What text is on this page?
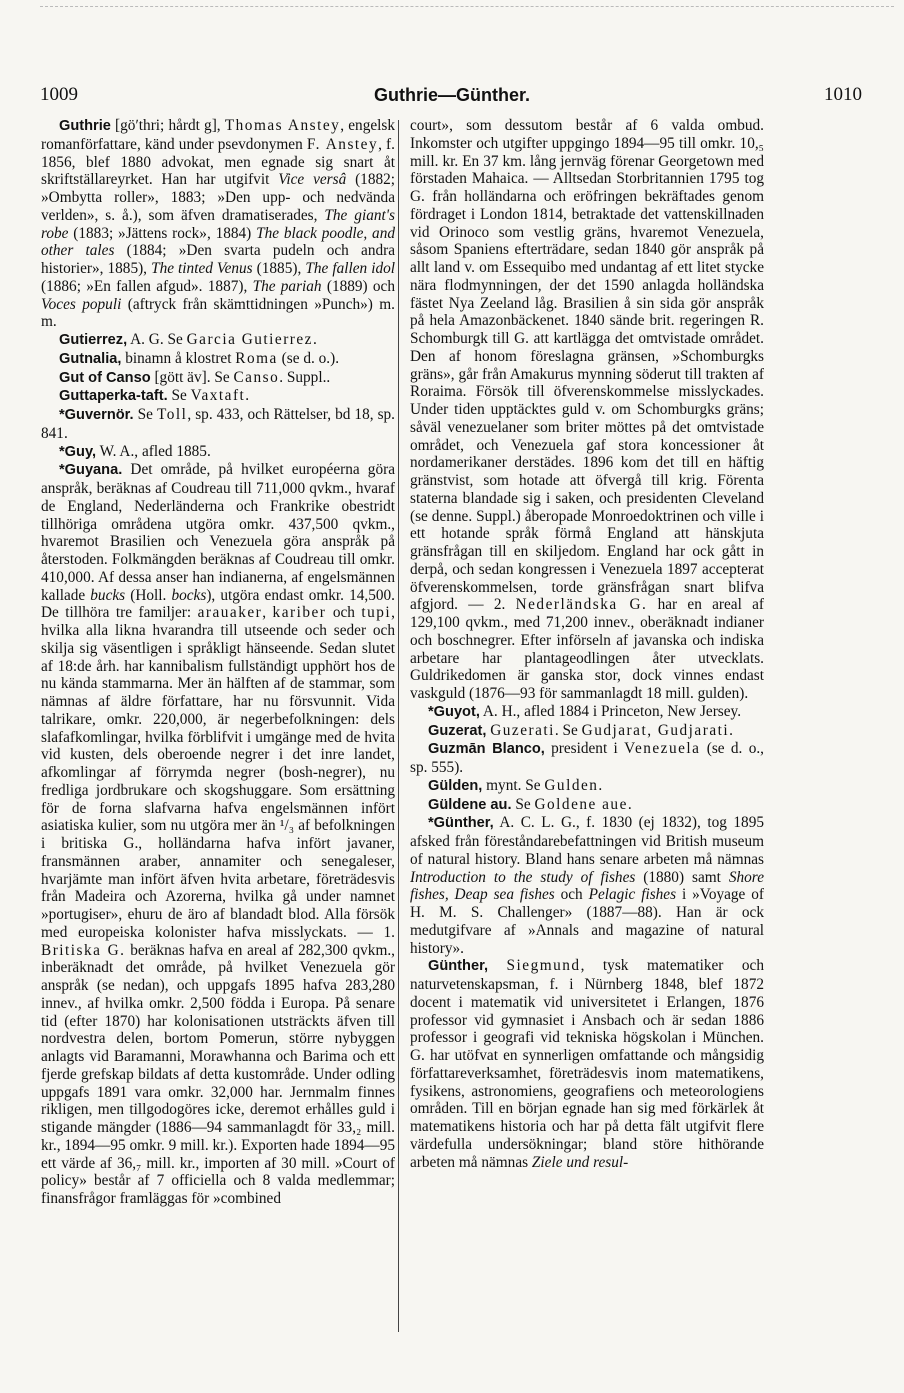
1009	Guthrie—Günther.	1010

Guthrie [göʹthri; hårdt g], Thomas Anstey, engelsk romanförfattare, känd under psevdonymen F. Anstey, f. 1856, blef 1880 advokat, men egnade sig snart åt skriftställareyrket. Han har utgifvit Vice versâ (1882; »Ombytta roller», 1883; »Den upp- och nedvända verlden», s. å.), som äfven dramatiserades, The giant's robe (1883; »Jättens rock», 1884) The black poodle, and other tales (1884; »Den svarta pudeln och andra historier», 1885), The tinted Venus (1885), The fallen idol (1886; »En fallen afgud». 1887), The pariah (1889) och Voces populi (aftryck från skämttidningen »Punch») m. m.

Gutierrez, A. G. Se Garcia Gutierrez.

Gutnalia, binamn å klostret Roma (se d. o.).

Gut of Canso [gött äv]. Se Canso. Suppl..

Guttaperka-taft. Se Vaxtaft.

*Guvernör. Se Toll, sp. 433, och Rättelser, bd 18, sp. 841.

*Guy, W. A., afled 1885.

*Guyana. Det område, på hvilket européerna göra anspråk, beräknas af Coudreau till 711,000 qvkm., hvaraf de England, Nederländerna och Frankrike obestridt tillhöriga områdena utgöra omkr. 437,500 qvkm., hvaremot Brasilien och Venezuela göra anspråk på återstoden. Folkmängden beräknas af Coudreau till omkr. 410,000. Af dessa anser han indianerna, af engelsmännen kallade bucks (Holl. bocks), utgöra endast omkr. 14,500. De tillhöra tre familjer: arauaker, kariber och tupi, hvilka alla likna hvarandra till utseende och seder och skilja sig väsentligen i språkligt hänseende. Sedan slutet af 18:de årh. har kannibalism fullständigt upphört hos de nu kända stammarna. Mer än hälften af de stammar, som nämnas af äldre författare, har nu försvunnit. Vida talrikare, omkr. 220,000, är negerbefolkningen: dels slafafkomlingar, hvilka förblifvit i umgänge med de hvita vid kusten, dels oberoende negrer i det inre landet, afkomlingar af förrymda negrer (bosh-negrer), nu fredliga jordbrukare och skogshuggare. Som ersättning för de forna slafvarna hafva engelsmännen infört asiatiska kulier, som nu utgöra mer än ¹/₃ af befolkningen i britiska G., holländarna hafva infört javaner, fransmännen araber, annamiter och senegaleser, hvarjämte man infört äfven hvita arbetare, företrädesvis från Madeira och Azorerna, hvilka gå under namnet »portugiser», ehuru de äro af blandadt blod. Alla försök med europeiska kolonister hafva misslyckats. — 1. Britiska G. beräknas hafva en areal af 282,300 qvkm., inberäknadt det område, på hvilket Venezuela gör anspråk (se nedan), och uppgafs 1895 hafva 283,280 innev., af hvilka omkr. 2,500 födda i Europa. På senare tid (efter 1870) har kolonisationen utsträckts äfven till nordvestra delen, bortom Pomerun, större nybyggen anlagts vid Baramanni, Morawhanna och Barima och ett fjerde grefskap bildats af detta kustområde. Under odling uppgafs 1891 vara omkr. 32,000 har. Jernmalm finnes rikligen, men tillgodogöres icke, deremot erhålles guld i stigande mängder (1886—94 sammanlagdt för 33,₂ mill. kr., 1894—95 omkr. 9 mill. kr.). Exporten hade 1894—95 ett värde af 36,₇ mill. kr., importen af 30 mill. »Court of policy» består af 7 officiella och 8 valda medlemmar; finansfrågor framläggas för »combined

court», som dessutom består af 6 valda ombud. Inkomster och utgifter uppgingo 1894—95 till omkr. 10,₅ mill. kr. En 37 km. lång jernväg förenar Georgetown med förstaden Mahaica. — Alltsedan Storbritannien 1795 tog G. från holländarna och eröfringen bekräftades genom fördraget i London 1814, betraktade det vattenskillnaden vid Orinoco som vestlig gräns, hvaremot Venezuela, såsom Spaniens efterträdare, sedan 1840 gör anspråk på allt land v. om Essequibo med undantag af ett litet stycke nära flodmynningen, der det 1590 anlagda holländska fästet Nya Zeeland låg. Brasilien å sin sida gör anspråk på hela Amazonbäckenet. 1840 sände brit. regeringen R. Schomburgk till G. att kartlägga det omtvistade området. Den af honom föreslagna gränsen, »Schomburgks gräns», går från Amakurus mynning söderut till trakten af Roraima. Försök till öfverenskommelse misslyckades. Under tiden upptäcktes guld v. om Schomburgks gräns; såväl venezuelaner som briter möttes på det omtvistade området, och Venezuela gaf stora koncessioner åt nordamerikaner derstädes. 1896 kom det till en häftig gränstvist, som hotade att öfvergå till krig. Förenta staterna blandade sig i saken, och presidenten Cleveland (se denne. Suppl.) åberopade Monroedoktrinen och ville i ett hotande språk förmå England att hänskjuta gränsfrågan till en skiljedom. England har ock gått in derpå, och sedan kongressen i Venezuela 1897 accepterat öfverenskommelsen, torde gränsfrågan snart blifva afgjord. — 2. Nederländska G. har en areal af 129,100 qvkm., med 71,200 innev., oberäknadt indianer och boschnegrer. Efter införseln af javanska och indiska arbetare har plantageodlingen åter utvecklats. Guldrikedomen är ganska stor, dock vinnes endast vaskguld (1876—93 för sammanlagdt 18 mill. gulden).

*Guyot, A. H., afled 1884 i Princeton, New Jersey.

Guzerat, Guzerati. Se Gudjarat, Gudjarati.

Guzmān Blanco, president i Venezuela (se d. o., sp. 555).

Gülden, mynt. Se Gulden.

Güldene au. Se Goldene aue.

*Günther, A. C. L. G., f. 1830 (ej 1832), tog 1895 afsked från föreståndarebefattningen vid British museum of natural history. Bland hans senare arbeten må nämnas Introduction to the study of fishes (1880) samt Shore fishes, Deap sea fishes och Pelagic fishes i »Voyage of H. M. S. Challenger» (1887—88). Han är ock medutgifvare af »Annals and magazine of natural history».

Günther, Siegmund, tysk matematiker och naturvetenskapsman, f. i Nürnberg 1848, blef 1872 docent i matematik vid universitetet i Erlangen, 1876 professor vid gymnasiet i Ansbach och är sedan 1886 professor i geografi vid tekniska högskolan i München. G. har utöfvat en synnerligen omfattande och mångsidig författareverksamhet, företrädesvis inom matematikens, fysikens, astronomiens, geografiens och meteorologiens områden. Till en början egnade han sig med förkärlek åt matematikens historia och har på detta fält utgifvit flere värdefulla undersökningar; bland störe hithörande arbeten må nämnas Ziele und resul-
